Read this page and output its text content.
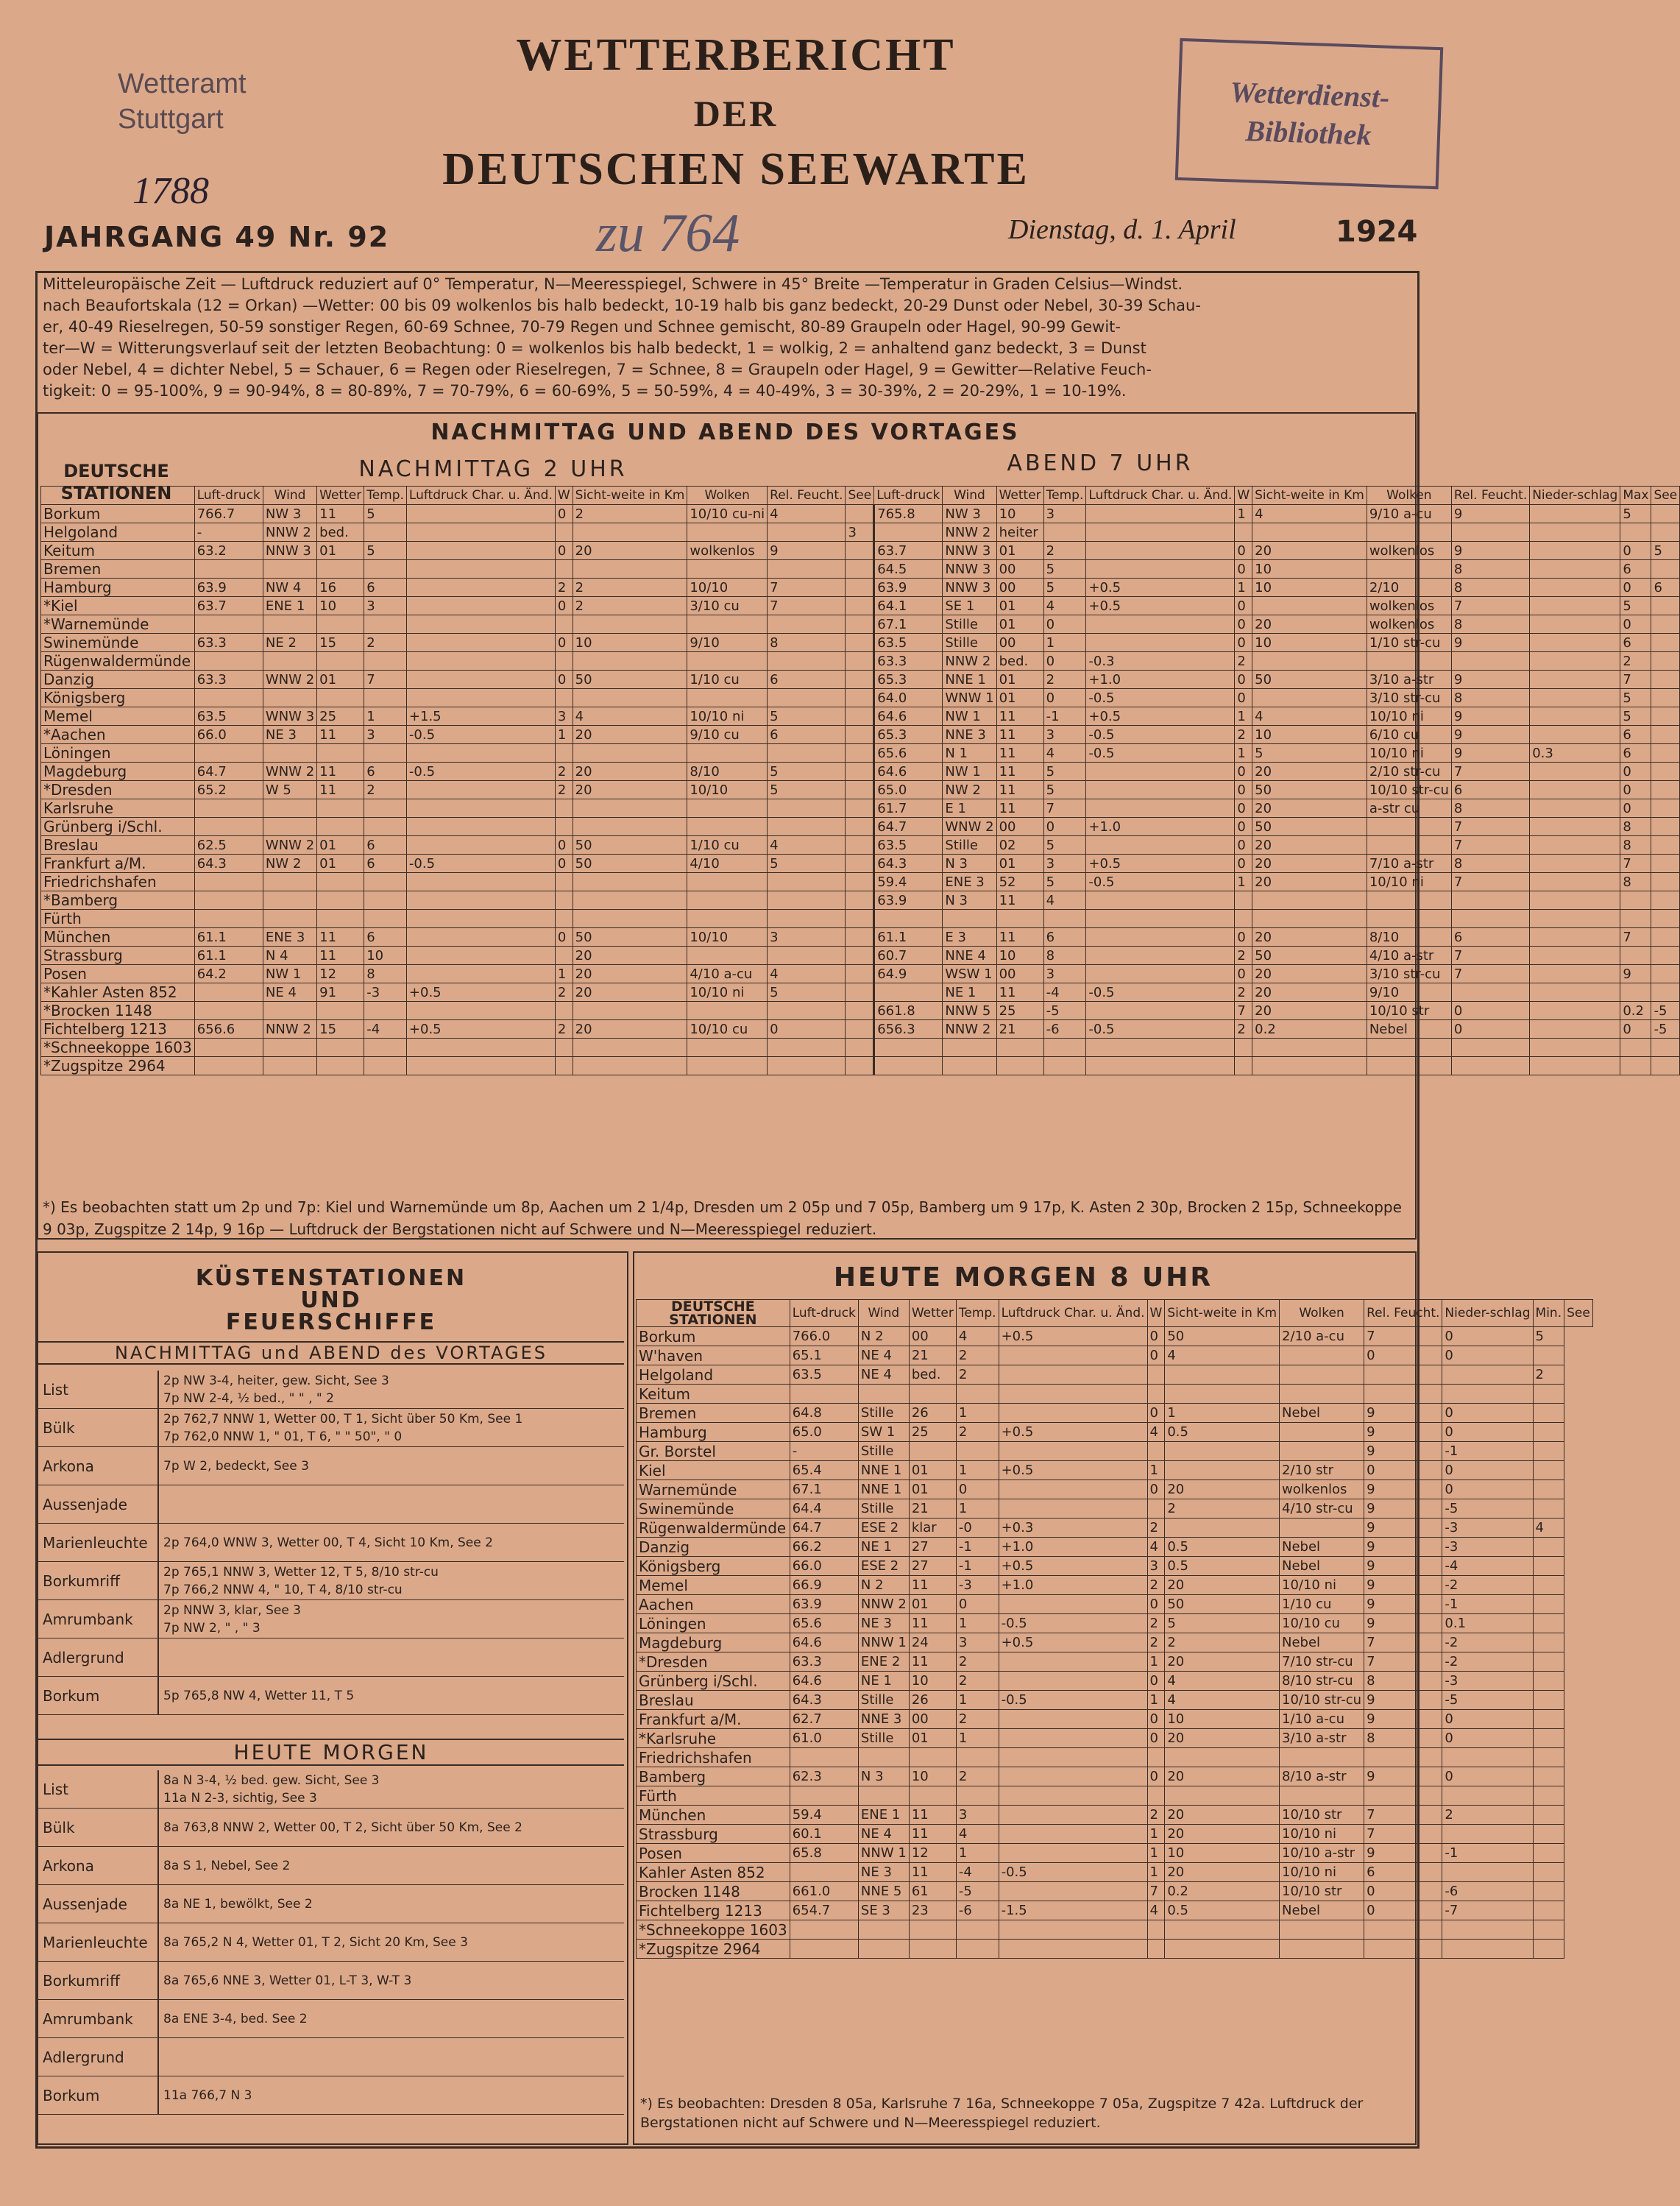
Wetteramt
Stuttgart
1788
WETTERBERICHT
DER
DEUTSCHEN SEEWARTE
Wetterdienst-
Bibliothek
JAHRGANG 49 Nr. 92	zu 764	Dienstag, d. 1. April	1924

Mitteleuropäische Zeit — Luftdruck reduziert auf 0° Temperatur, N—Meeresspiegel, Schwere in 45° Breite —Temperatur in Graden Celsius—Windst.

nach Beaufortskala (12 = Orkan) —Wetter: 00 bis 09 wolkenlos bis halb bedeckt, 10-19 halb bis ganz bedeckt, 20-29 Dunst oder Nebel, 30-39 Schau-

er, 40-49 Rieselregen, 50-59 sonstiger Regen, 60-69 Schnee, 70-79 Regen und Schnee gemischt, 80-89 Graupeln oder Hagel, 90-99 Gewit-

ter—W = Witterungsverlauf seit der letzten Beobachtung: 0 = wolkenlos bis halb bedeckt, 1 = wolkig, 2 = anhaltend ganz bedeckt, 3 = Dunst

oder Nebel, 4 = dichter Nebel, 5 = Schauer, 6 = Regen oder Rieselregen, 7 = Schnee, 8 = Graupeln oder Hagel, 9 = Gewitter—Relative Feuch-

tigkeit: 0 = 95-100%, 9 = 90-94%, 8 = 80-89%, 7 = 70-79%, 6 = 60-69%, 5 = 50-59%, 4 = 40-49%, 3 = 30-39%, 2 = 20-29%, 1 = 10-19%.

NACHMITTAG UND ABEND DES VORTAGES
DEUTSCHE STATIONEN
NACHMITTAG 2 UHR	ABEND 7 UHR
	Luft-druck	Wind	Wetter	Temp.	Luftdruck Char. u. Änd.	W	Sicht-weite in Km	Wolken	Rel. Feucht.	See	Luft-druck	Wind	Wetter	Temp.	Luftdruck Char. u. Änd.	W	Sicht-weite in Km	Wolken	Rel. Feucht.	Nieder-schlag	Max	See
Borkum	766.7	NW 3	11	5		0	2	10/10 cu-ni	4		765.8	NW 3	10	3		1	4	9/10 a-cu	9		5	
Helgoland	-	NNW 2	bed.							3		NNW 2	heiter									
Keitum	63.2	NNW 3	01	5		0	20	wolkenlos	9		63.7	NNW 3	01	2		0	20	wolkenlos	9		0	5
Bremen											64.5	NNW 3	00	5		0	10		8		6	
Hamburg	63.9	NW 4	16	6		2	2	10/10	7		63.9	NNW 3	00	5	+0.5	1	10	2/10	8		0	6
*Kiel	63.7	ENE 1	10	3		0	2	3/10 cu	7		64.1	SE 1	01	4	+0.5	0		wolkenlos	7		5	
*Warnemünde											67.1	Stille	01	0		0	20	wolkenlos	8		0	
Swinemünde	63.3	NE 2	15	2		0	10	9/10	8		63.5	Stille	00	1		0	10	1/10 str-cu	9		6	
Rügenwaldermünde											63.3	NNW 2	bed.	0	-0.3	2					2	
Danzig	63.3	WNW 2	01	7		0	50	1/10 cu	6		65.3	NNE 1	01	2	+1.0	0	50	3/10 a-str	9		7	
Königsberg											64.0	WNW 1	01	0	-0.5	0		3/10 str-cu	8		5	
Memel	63.5	WNW 3	25	1	+1.5	3	4	10/10 ni	5		64.6	NW 1	11	-1	+0.5	1	4	10/10 ni	9		5	
*Aachen	66.0	NE 3	11	3	-0.5	1	20	9/10 cu	6		65.3	NNE 3	11	3	-0.5	2	10	6/10 cu	9		6	
Löningen											65.6	N 1	11	4	-0.5	1	5	10/10 ni	9	0.3	6	
Magdeburg	64.7	WNW 2	11	6	-0.5	2	20	8/10	5		64.6	NW 1	11	5		0	20	2/10 str-cu	7		0	
*Dresden	65.2	W 5	11	2		2	20	10/10	5		65.0	NW 2	11	5		0	50	10/10 str-cu	6		0	
Karlsruhe											61.7	E 1	11	7		0	20	a-str cu	8		0	
Grünberg i/Schl.											64.7	WNW 2	00	0	+1.0	0	50		7		8	
Breslau	62.5	WNW 2	01	6		0	50	1/10 cu	4		63.5	Stille	02	5		0	20		7		8	
Frankfurt a/M.	64.3	NW 2	01	6	-0.5	0	50	4/10	5		64.3	N 3	01	3	+0.5	0	20	7/10 a-str	8		7	
Friedrichshafen											59.4	ENE 3	52	5	-0.5	1	20	10/10 ni	7		8	
*Bamberg											63.9	N 3	11	4								
Fürth																						
München	61.1	ENE 3	11	6		0	50	10/10	3		61.1	E 3	11	6		0	20	8/10	6		7	
Strassburg	61.1	N 4	11	10			20				60.7	NNE 4	10	8		2	50	4/10 a-str	7			
Posen	64.2	NW 1	12	8		1	20	4/10 a-cu	4		64.9	WSW 1	00	3		0	20	3/10 str-cu	7		9	
*Kahler Asten 852		NE 4	91	-3	+0.5	2	20	10/10 ni	5			NE 1	11	-4	-0.5	2	20	9/10				
*Brocken 1148											661.8	NNW 5	25	-5		7	20	10/10 str	0		0.2	-5
Fichtelberg 1213	656.6	NNW 2	15	-4	+0.5	2	20	10/10 cu	0		656.3	NNW 2	21	-6	-0.5	2	0.2	Nebel	0		0	-5
*Schneekoppe 1603																						
*Zugspitze 2964																						
*) Es beobachten statt um 2p und 7p: Kiel und Warnemünde um 8p, Aachen um 2 1/4p, Dresden um 2 05p und 7 05p, Bamberg um 9 17p, K. Asten 2 30p, Brocken 2 15p, Schneekoppe 9 03p, Zugspitze 2 14p, 9 16p — Luftdruck der Bergstationen nicht auf Schwere und N—Meeresspiegel reduziert.
KÜSTENSTATIONEN
UND
FEUERSCHIFFE
NACHMITTAG und ABEND des VORTAGES
List	2p NW 3-4, heiter, gew. Sicht, See 3
7p NW 2-4, ½ bed., " " , " 2

Bülk	2p 762,7 NNW 1, Wetter 00, T 1, Sicht über 50 Km, See 1
7p 762,0 NNW 1, " 01, T 6, " " 50", " 0

Arkona	7p W 2, bedeckt, See 3

Aussenjade	

Marienleuchte	2p 764,0 WNW 3, Wetter 00, T 4, Sicht 10 Km, See 2

Borkumriff	2p 765,1 NNW 3, Wetter 12, T 5, 8/10 str-cu
7p 766,2 NNW 4, " 10, T 4, 8/10 str-cu

Amrumbank	2p NNW 3, klar, See 3
7p NW 2, " , " 3

Adlergrund	

Borkum	5p 765,8 NW 4, Wetter 11, T 5
HEUTE MORGEN
List	8a N 3-4, ½ bed. gew. Sicht, See 3
11a N 2-3, sichtig, See 3

Bülk	8a 763,8 NNW 2, Wetter 00, T 2, Sicht über 50 Km, See 2

Arkona	8a S 1, Nebel, See 2

Aussenjade	8a NE 1, bewölkt, See 2

Marienleuchte	8a 765,2 N 4, Wetter 01, T 2, Sicht 20 Km, See 3

Borkumriff	8a 765,6 NNE 3, Wetter 01, L-T 3, W-T 3

Amrumbank	8a ENE 3-4, bed. See 2

Adlergrund	

Borkum	11a 766,7 N 3
HEUTE MORGEN 8 UHR
DEUTSCHE STATIONEN	Luft-druck	Wind	Wetter	Temp.	Luftdruck Char. u. Änd.	W	Sicht-weite in Km	Wolken	Rel. Feucht.	Nieder-schlag	Min.	See
Borkum	766.0	N 2	00	4	+0.5	0	50	2/10 a-cu	7	0	5	
W'haven	65.1	NE 4	21	2		0	4		0	0		
Helgoland	63.5	NE 4	bed.	2							2	
Keitum												
Bremen	64.8	Stille	26	1		0	1	Nebel	9	0		
Hamburg	65.0	SW 1	25	2	+0.5	4	0.5		9	0		
Gr. Borstel	-	Stille							9	-1		
Kiel	65.4	NNE 1	01	1	+0.5	1		2/10 str	0	0		
Warnemünde	67.1	NNE 1	01	0		0	20	wolkenlos	9	0		
Swinemünde	64.4	Stille	21	1			2	4/10 str-cu	9	-5		
Rügenwaldermünde	64.7	ESE 2	klar	-0	+0.3	2			9	-3	4	
Danzig	66.2	NE 1	27	-1	+1.0	4	0.5	Nebel	9	-3		
Königsberg	66.0	ESE 2	27	-1	+0.5	3	0.5	Nebel	9	-4		
Memel	66.9	N 2	11	-3	+1.0	2	20	10/10 ni	9	-2		
Aachen	63.9	NNW 2	01	0		0	50	1/10 cu	9	-1		
Löningen	65.6	NE 3	11	1	-0.5	2	5	10/10 cu	9	0.1		
Magdeburg	64.6	NNW 1	24	3	+0.5	2	2	Nebel	7	-2		
*Dresden	63.3	ENE 2	11	2		1	20	7/10 str-cu	7	-2		
Grünberg i/Schl.	64.6	NE 1	10	2		0	4	8/10 str-cu	8	-3		
Breslau	64.3	Stille	26	1	-0.5	1	4	10/10 str-cu	9	-5		
Frankfurt a/M.	62.7	NNE 3	00	2		0	10	1/10 a-cu	9	0		
*Karlsruhe	61.0	Stille	01	1		0	20	3/10 a-str	8	0		
Friedrichshafen												
Bamberg	62.3	N 3	10	2		0	20	8/10 a-str	9	0		
Fürth												
München	59.4	ENE 1	11	3		2	20	10/10 str	7	2		
Strassburg	60.1	NE 4	11	4		1	20	10/10 ni	7			
Posen	65.8	NNW 1	12	1		1	10	10/10 a-str	9	-1		
Kahler Asten 852		NE 3	11	-4	-0.5	1	20	10/10 ni	6			
Brocken 1148	661.0	NNE 5	61	-5		7	0.2	10/10 str	0	-6		
Fichtelberg 1213	654.7	SE 3	23	-6	-1.5	4	0.5	Nebel	0	-7		
*Schneekoppe 1603												
*Zugspitze 2964												
*) Es beobachten: Dresden 8 05a, Karlsruhe 7 16a, Schneekoppe 7 05a, Zugspitze 7 42a. Luftdruck der Bergstationen nicht auf Schwere und N—Meeresspiegel reduziert.
